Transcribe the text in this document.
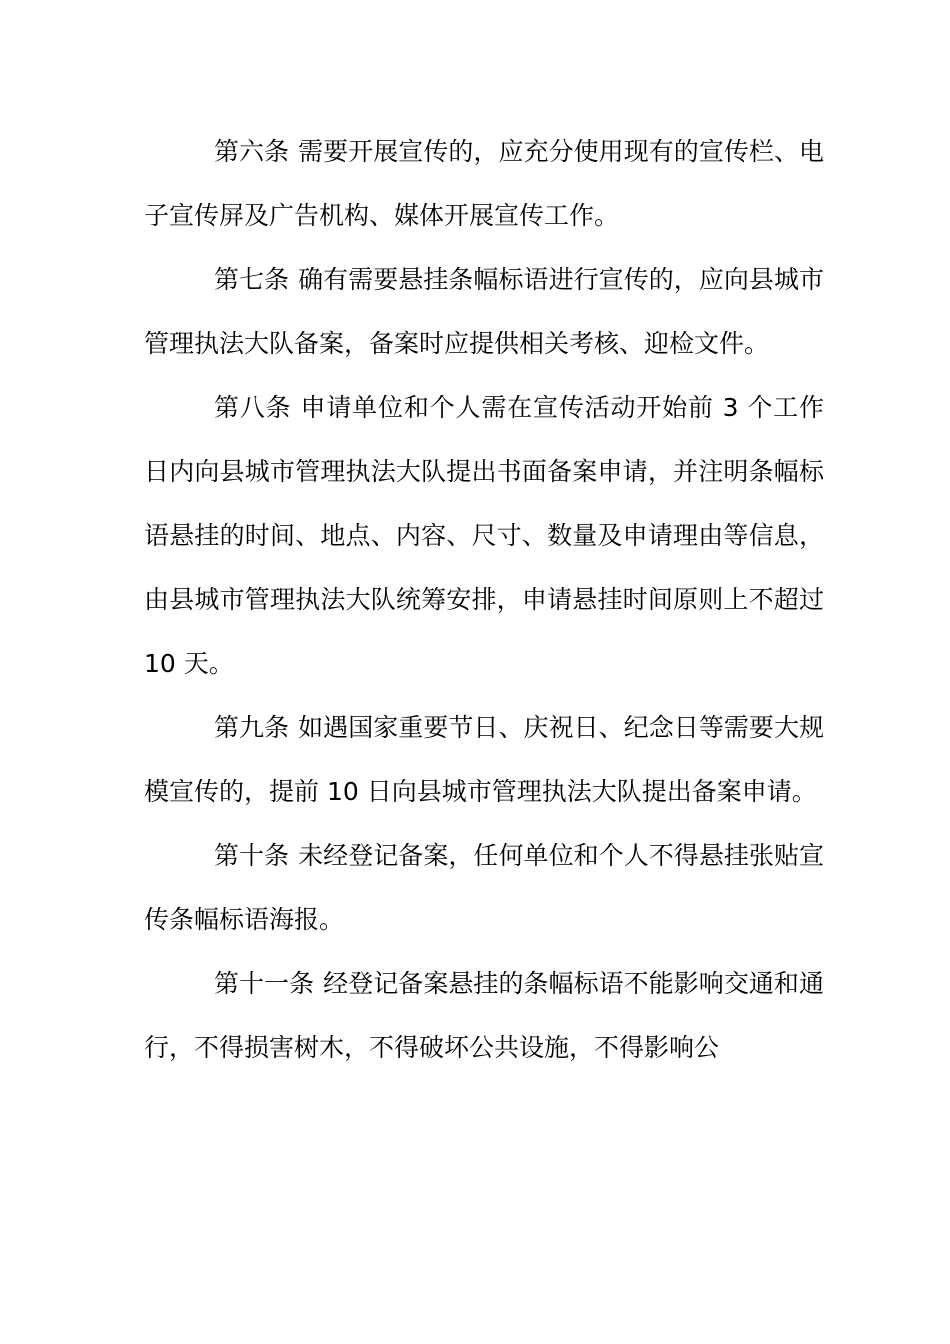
第六条 需要开展宣传的，应充分使用现有的宣传栏、电子宣传屏及广告机构、媒体开展宣传工作。

第七条 确有需要悬挂条幅标语进行宣传的，应向县城市管理执法大队备案，备案时应提供相关考核、迎检文件。

第八条 申请单位和个人需在宣传活动开始前 3 个工作日内向县城市管理执法大队提出书面备案申请，并注明条幅标语悬挂的时间、地点、内容、尺寸、数量及申请理由等信息，由县城市管理执法大队统筹安排，申请悬挂时间原则上不超过 10 天。

第九条 如遇国家重要节日、庆祝日、纪念日等需要大规模宣传的，提前 10 日向县城市管理执法大队提出备案申请。

第十条 未经登记备案，任何单位和个人不得悬挂张贴宣传条幅标语海报。

第十一条 经登记备案悬挂的条幅标语不能影响交通和通行，不得损害树木，不得破坏公共设施，不得影响公
